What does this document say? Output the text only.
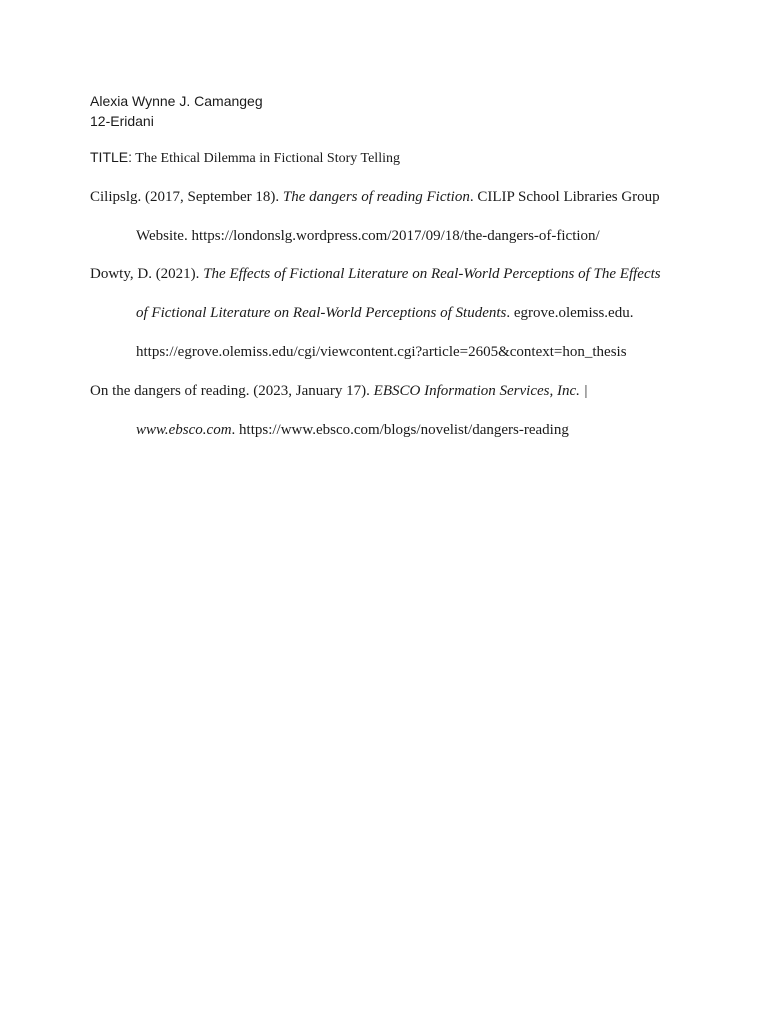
Alexia Wynne J. Camangeg
12-Eridani
TITLE: The Ethical Dilemma in Fictional Story Telling
Cilipslg. (2017, September 18). The dangers of reading Fiction. CILIP School Libraries Group
Website. https://londonslg.wordpress.com/2017/09/18/the-dangers-of-fiction/
Dowty, D. (2021). The Effects of Fictional Literature on Real-World Perceptions of The Effects
of Fictional Literature on Real-World Perceptions of Students. egrove.olemiss.edu.
https://egrove.olemiss.edu/cgi/viewcontent.cgi?article=2605&context=hon_thesis
On the dangers of reading. (2023, January 17). EBSCO Information Services, Inc. |
www.ebsco.com. https://www.ebsco.com/blogs/novelist/dangers-reading
